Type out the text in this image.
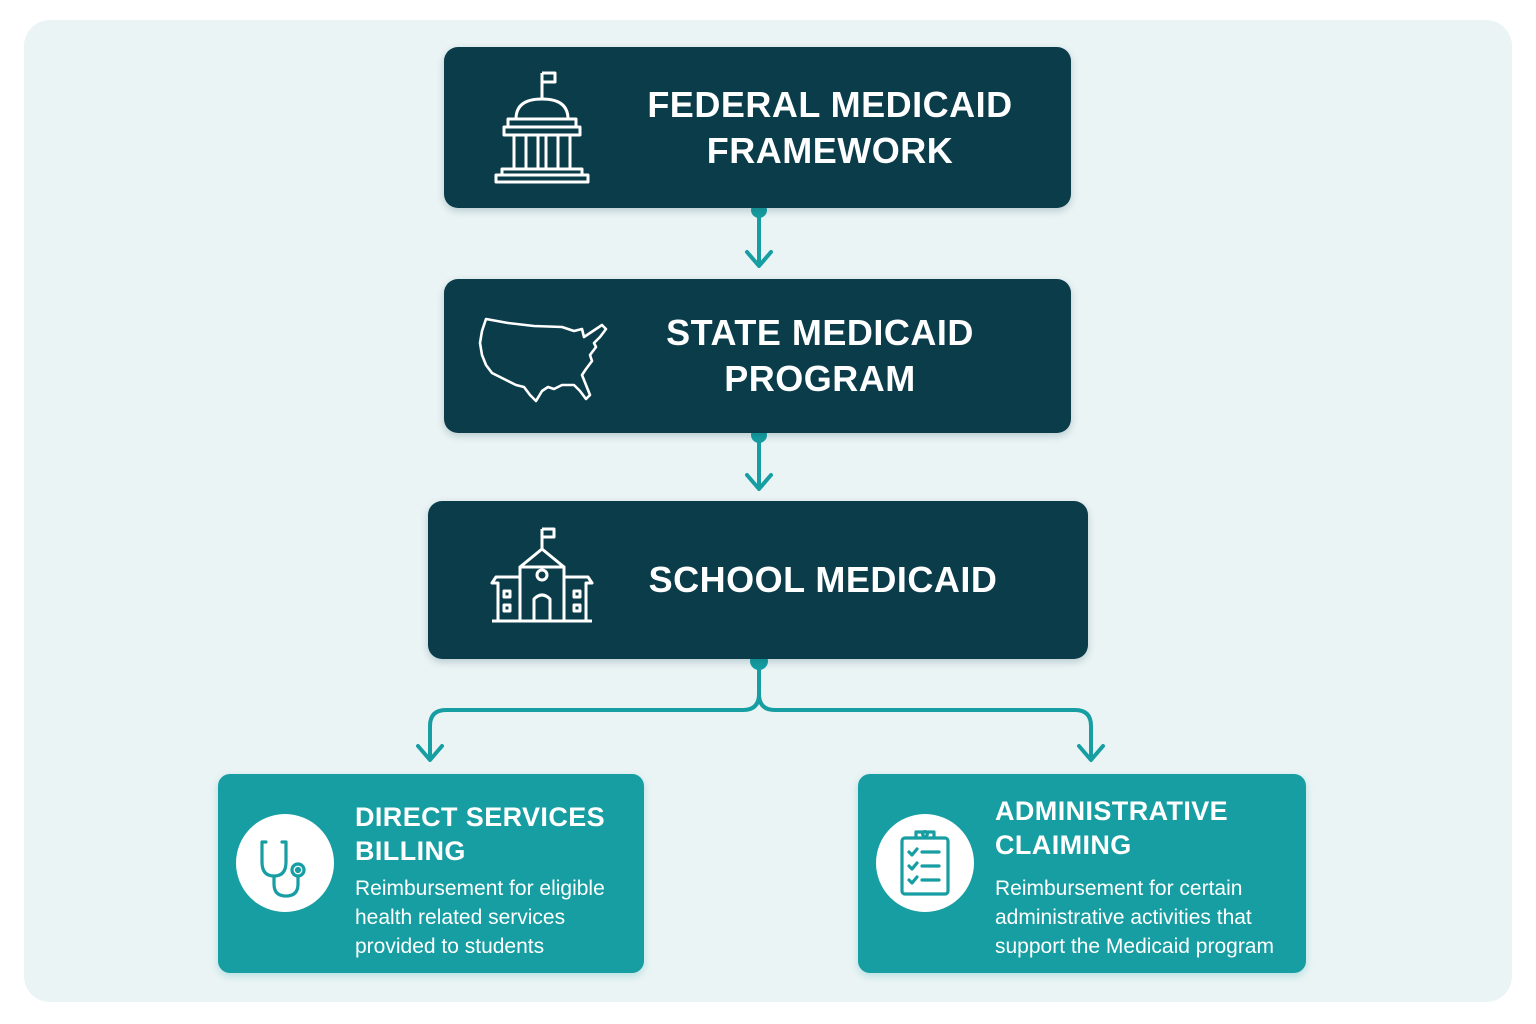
FEDERAL MEDICAID
FRAMEWORK
STATE MEDICAID
PROGRAM
SCHOOL MEDICAID
DIRECT SERVICES
BILLING
Reimbursement for eligible
health related services
provided to students
ADMINISTRATIVE
CLAIMING
Reimbursement for certain
administrative activities that
support the Medicaid program
